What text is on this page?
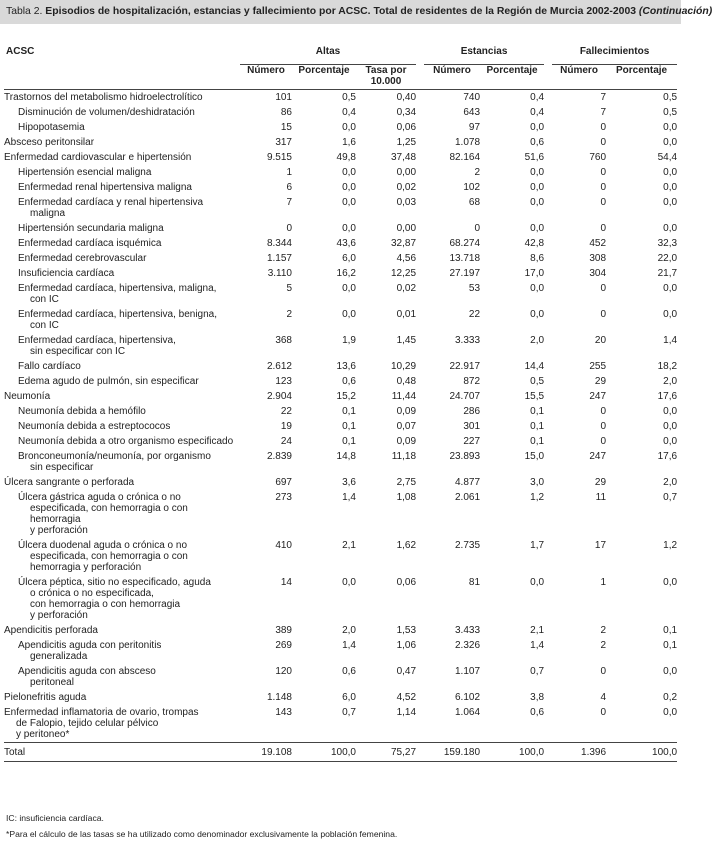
Tabla 2. Episodios de hospitalización, estancias y fallecimiento por ACSC. Total de residentes de la Región de Murcia 2002-2003 (Continuación)
ACSC	Altas				Estancias			Fallecimientos	
	Número	Porcentaje	Tasa por
10.000		Número	Porcentaje		Número	Porcentaje

Trastornos del metabolismo hidroelectrolítico	101	0,5	0,40		740	0,4		7	0,5

Disminución de volumen/deshidratación	86	0,4	0,34		643	0,4		7	0,5

Hipopotasemia	15	0,0	0,06		97	0,0		0	0,0

Absceso peritonsilar	317	1,6	1,25		1.078	0,6		0	0,0

Enfermedad cardiovascular e hipertensión	9.515	49,8	37,48		82.164	51,6		760	54,4

Hipertensión esencial maligna	1	0,0	0,00		2	0,0		0	0,0

Enfermedad renal hipertensiva maligna	6	0,0	0,02		102	0,0		0	0,0

Enfermedad cardíaca y renal hipertensiva
maligna	7	0,0	0,03		68	0,0		0	0,0

Hipertensión secundaria maligna	0	0,0	0,00		0	0,0		0	0,0

Enfermedad cardíaca isquémica	8.344	43,6	32,87		68.274	42,8		452	32,3

Enfermedad cerebrovascular	1.157	6,0	4,56		13.718	8,6		308	22,0

Insuficiencia cardíaca	3.110	16,2	12,25		27.197	17,0		304	21,7

Enfermedad cardíaca, hipertensiva, maligna,
con IC	5	0,0	0,02		53	0,0		0	0,0

Enfermedad cardíaca, hipertensiva, benigna,
con IC	2	0,0	0,01		22	0,0		0	0,0

Enfermedad cardíaca, hipertensiva,
sin especificar con IC	368	1,9	1,45		3.333	2,0		20	1,4

Fallo cardíaco	2.612	13,6	10,29		22.917	14,4		255	18,2

Edema agudo de pulmón, sin especificar	123	0,6	0,48		872	0,5		29	2,0

Neumonía	2.904	15,2	11,44		24.707	15,5		247	17,6

Neumonía debida a hemófilo	22	0,1	0,09		286	0,1		0	0,0

Neumonía debida a estreptococos	19	0,1	0,07		301	0,1		0	0,0

Neumonía debida a otro organismo especificado	24	0,1	0,09		227	0,1		0	0,0

Bronconeumonía/neumonía, por organismo
sin especificar	2.839	14,8	11,18		23.893	15,0		247	17,6

Úlcera sangrante o perforada	697	3,6	2,75		4.877	3,0		29	2,0

Úlcera gástrica aguda o crónica o no
especificada, con hemorragia o con hemorragia
y perforación	273	1,4	1,08		2.061	1,2		11	0,7

Úlcera duodenal aguda o crónica o no
especificada, con hemorragia o con
hemorragia y perforación	410	2,1	1,62		2.735	1,7		17	1,2

Úlcera péptica, sitio no especificado, aguda
o crónica o no especificada,
con hemorragia o con hemorragia
y perforación	14	0,0	0,06		81	0,0		1	0,0

Apendicitis perforada	389	2,0	1,53		3.433	2,1		2	0,1

Apendicitis aguda con peritonitis
generalizada	269	1,4	1,06		2.326	1,4		2	0,1

Apendicitis aguda con absceso
peritoneal	120	0,6	0,47		1.107	0,7		0	0,0

Pielonefritis aguda	1.148	6,0	4,52		6.102	3,8		4	0,2

Enfermedad inflamatoria de ovario, trompas
de Falopio, tejido celular pélvico
y peritoneo*	143	0,7	1,14		1.064	0,6		0	0,0
Total	19.108	100,0	75,27		159.180	100,0		1.396	100,0
IC: insuficiencia cardíaca.
*Para el cálculo de las tasas se ha utilizado como denominador exclusivamente la población femenina.
